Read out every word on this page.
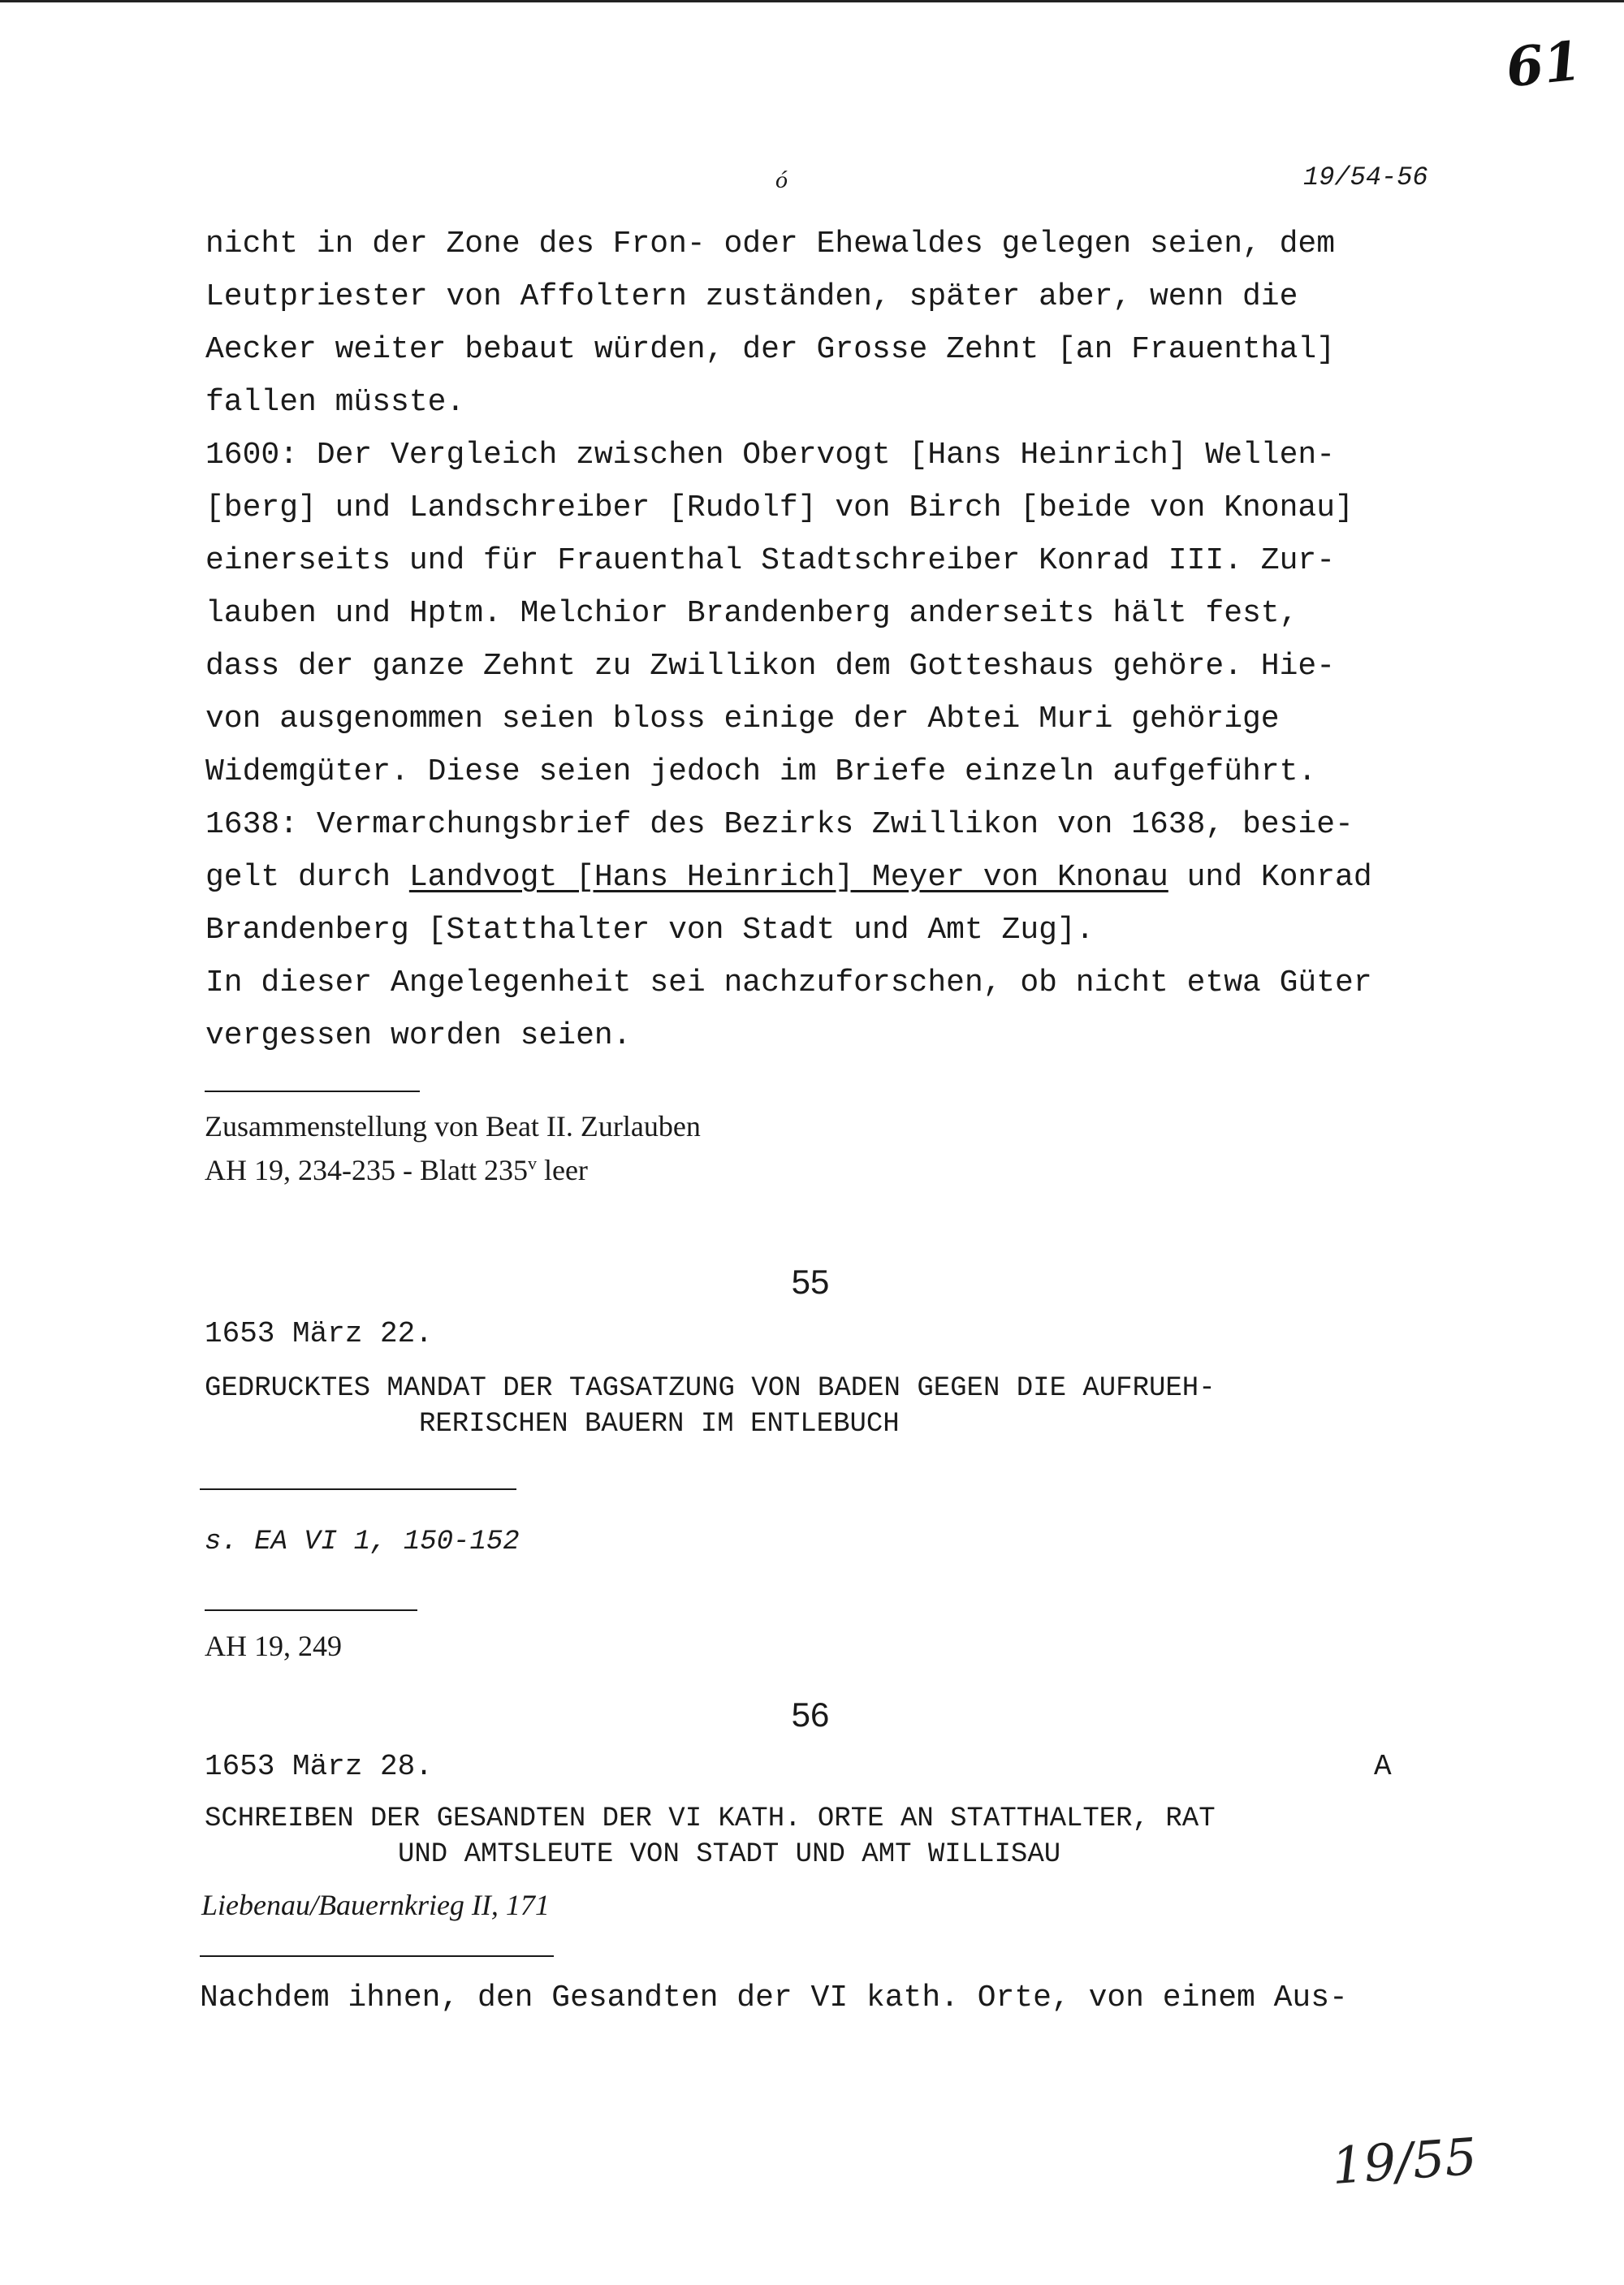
61
ó	19/54-56
nicht in der Zone des Fron- oder Ehewaldes gelegen seien, dem
Leutpriester von Affoltern zuständen, später aber, wenn die
Aecker weiter bebaut würden, der Grosse Zehnt [an Frauenthal]
fallen müsste.
1600: Der Vergleich zwischen Obervogt [Hans Heinrich] Wellen-
[berg] und Landschreiber [Rudolf] von Birch [beide von Knonau]
einerseits und für Frauenthal Stadtschreiber Konrad III. Zur-
lauben und Hptm. Melchior Brandenberg anderseits hält fest,
dass der ganze Zehnt zu Zwillikon dem Gotteshaus gehöre. Hie-
von ausgenommen seien bloss einige der Abtei Muri gehörige
Widemgüter. Diese seien jedoch im Briefe einzeln aufgeführt.
1638: Vermarchungsbrief des Bezirks Zwillikon von 1638, besie-
gelt durch Landvogt [Hans Heinrich] Meyer von Knonau und Konrad
Brandenberg [Statthalter von Stadt und Amt Zug].
In dieser Angelegenheit sei nachzuforschen, ob nicht etwa Güter
vergessen worden seien.
Zusammenstellung von Beat II. Zurlauben
AH 19, 234-235 - Blatt 235$^v$ leer
55
1653 März 22.
GEDRUCKTES MANDAT DER TAGSATZUNG VON BADEN GEGEN DIE AUFRUEH-
RERISCHEN BAUERN IM ENTLEBUCH
s. EA VI 1, 150-152
AH 19, 249
56
1653 März 28.	A
SCHREIBEN DER GESANDTEN DER VI KATH. ORTE AN STATTHALTER, RAT
UND AMTSLEUTE VON STADT UND AMT WILLISAU
Liebenau/Bauernkrieg II, 171
Nachdem ihnen, den Gesandten der VI kath. Orte, von einem Aus-
19/55
